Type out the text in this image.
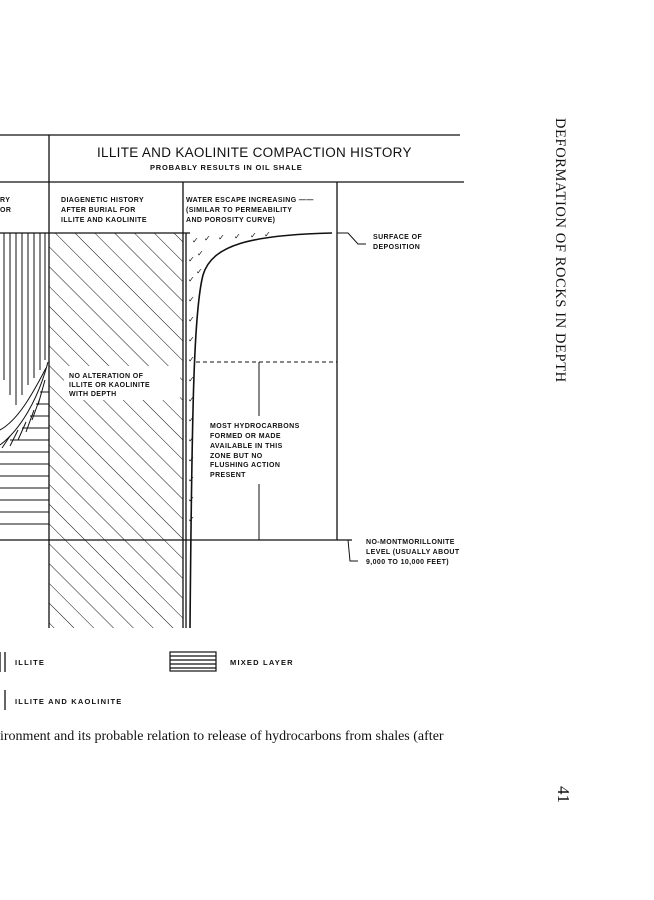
✓ ✓ ✓ ✓ ✓ ✓
✓
✓
✓
✓
✓
✓
✓
✓
✓
✓
✓
✓
✓
✓
✓
✓
ILLITE AND KAOLINITE COMPACTION HISTORY
PROBABLY RESULTS IN OIL SHALE
RY
OR
DIAGENETIC HISTORY
AFTER BURIAL FOR
ILLITE AND KAOLINITE
WATER ESCAPE INCREASING ——
(SIMILAR TO PERMEABILITY
AND POROSITY CURVE)
NO ALTERATION OF
ILLITE OR KAOLINITE
WITH DEPTH
MOST HYDROCARBONS
FORMED OR MADE
AVAILABLE IN THIS
ZONE BUT NO
FLUSHING ACTION
PRESENT
SURFACE OF
DEPOSITION
NO-MONTMORILLONITE
LEVEL (USUALLY ABOUT
9,000 TO 10,000 FEET)
ILLITE	MIXED LAYER
ILLITE AND KAOLINITE
ironment and its probable relation to release of hydrocarbons from shales (after
DEFORMATION OF ROCKS IN DEPTH
41
